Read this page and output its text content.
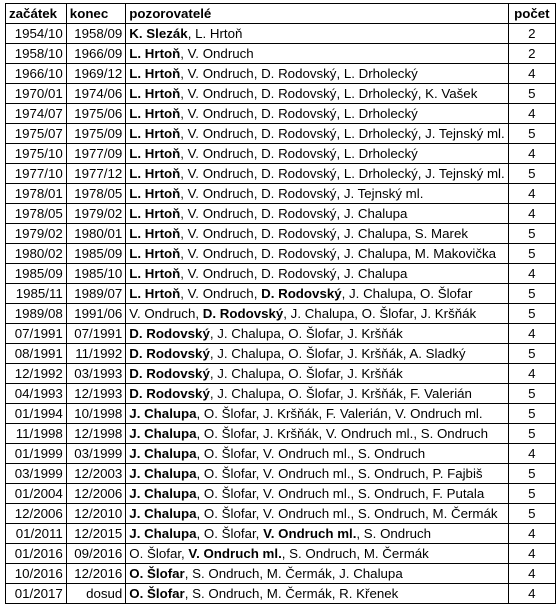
začátek	konec	pozorovatelé	počet
1954/10	1958/09	K. Slezák, L. Hrtoň	2
1958/10	1966/09	L. Hrtoň, V. Ondruch	2
1966/10	1969/12	L. Hrtoň, V. Ondruch, D. Rodovský, L. Drholecký	4
1970/01	1974/06	L. Hrtoň, V. Ondruch, D. Rodovský, L. Drholecký, K. Vašek	5
1974/07	1975/06	L. Hrtoň, V. Ondruch, D. Rodovský, L. Drholecký	4
1975/07	1975/09	L. Hrtoň, V. Ondruch, D. Rodovský, L. Drholecký, J. Tejnský ml.	5
1975/10	1977/09	L. Hrtoň, V. Ondruch, D. Rodovský, L. Drholecký	4
1977/10	1977/12	L. Hrtoň, V. Ondruch, D. Rodovský, L. Drholecký, J. Tejnský ml.	5
1978/01	1978/05	L. Hrtoň, V. Ondruch, D. Rodovský, J. Tejnský ml.	4
1978/05	1979/02	L. Hrtoň, V. Ondruch, D. Rodovský, J. Chalupa	4
1979/02	1980/01	L. Hrtoň, V. Ondruch, D. Rodovský, J. Chalupa, S. Marek	5
1980/02	1985/09	L. Hrtoň, V. Ondruch, D. Rodovský, J. Chalupa, M. Makovička	5
1985/09	1985/10	L. Hrtoň, V. Ondruch, D. Rodovský, J. Chalupa	4
1985/11	1989/07	L. Hrtoň, V. Ondruch, D. Rodovský, J. Chalupa, O. Šlofar	5
1989/08	1991/06	V. Ondruch, D. Rodovský, J. Chalupa, O. Šlofar, J. Kršňák	5
07/1991	07/1991	D. Rodovský, J. Chalupa, O. Šlofar, J. Kršňák	4
08/1991	11/1992	D. Rodovský, J. Chalupa, O. Šlofar, J. Kršňák, A. Sladký	5
12/1992	03/1993	D. Rodovský, J. Chalupa, O. Šlofar, J. Kršňák	4
04/1993	12/1993	D. Rodovský, J. Chalupa, O. Šlofar, J. Kršňák, F. Valerián	5
01/1994	10/1998	J. Chalupa, O. Šlofar, J. Kršňák, F. Valerián, V. Ondruch ml.	5
11/1998	12/1998	J. Chalupa, O. Šlofar, J. Kršňák, V. Ondruch ml., S. Ondruch	5
01/1999	03/1999	J. Chalupa, O. Šlofar, V. Ondruch ml., S. Ondruch	4
03/1999	12/2003	J. Chalupa, O. Šlofar, V. Ondruch ml., S. Ondruch, P. Fajbiš	5
01/2004	12/2006	J. Chalupa, O. Šlofar, V. Ondruch ml., S. Ondruch, F. Putala	5
12/2006	12/2010	J. Chalupa, O. Šlofar, V. Ondruch ml., S. Ondruch, M. Čermák	5
01/2011	12/2015	J. Chalupa, O. Šlofar, V. Ondruch ml., S. Ondruch	4
01/2016	09/2016	O. Šlofar, V. Ondruch ml., S. Ondruch, M. Čermák	4
10/2016	12/2016	O. Šlofar, S. Ondruch, M. Čermák, J. Chalupa	4
01/2017	dosud	O. Šlofar, S. Ondruch, M. Čermák, R. Křenek	4
